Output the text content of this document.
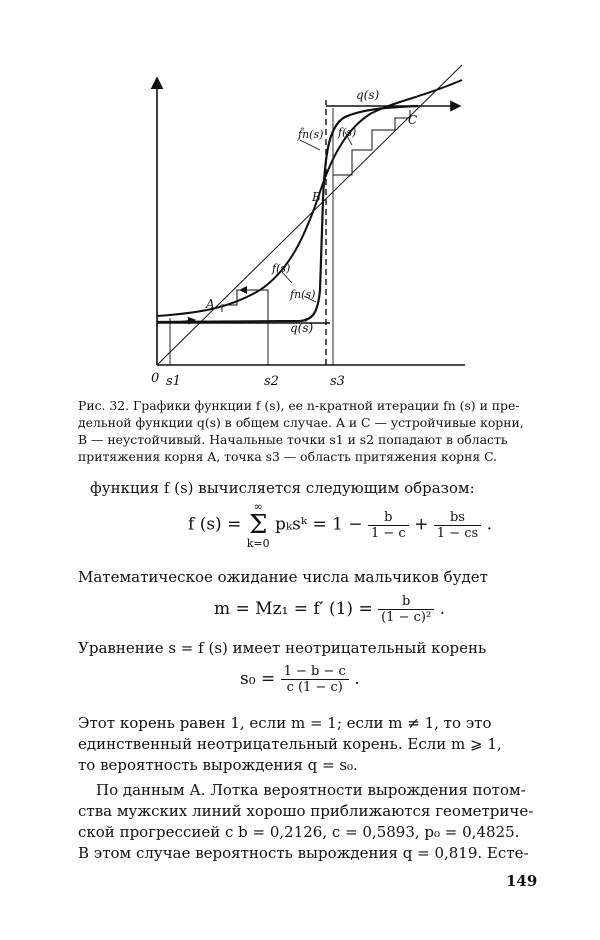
q(s)
f̂n(s) f(s)
C
B
f(s)
A
fn(s)
q(s)
0 s1	s2	s3
Рис. 32. Графики функции f (s), ее n-кратной итерации fn (s) и пре-
дельной функции q(s) в общем случае. A и C — устройчивые корни,
B — неустойчивый. Начальные точки s1 и s2 попадают в область
притяжения корня A, точка s3 — область притяжения корня C.
функция f (s) вычисляется следующим образом:
f (s) =
∞
Σ
k=0
pₖsᵏ = $1 - \frac{b}{1 - c} + \frac{bs}{1 - cs}$ .
Математическое ожидание числа мальчиков будет
m = Mz₁ = f′ $(1) = \frac{b}{\text{(1 − c)²}}$ .
Уравнение s = f (s) имеет неотрицательный корень
$s_0 = \frac{1 - b - c}{c (1 - c)}$ .
Этот корень равен 1, если m = 1; если m ≠ 1, то это
единственный неотрицательный корень. Если m ⩾ 1,
то вероятность вырождения q = s₀.
По данным А. Лотка вероятности вырождения потом-
ства мужских линий хорошо приближаются геометриче-
ской прогрессией с b = 0,2126, c = 0,5893, p₀ = 0,4825.
В этом случае вероятность вырождения q = 0,819. Есте-
149
